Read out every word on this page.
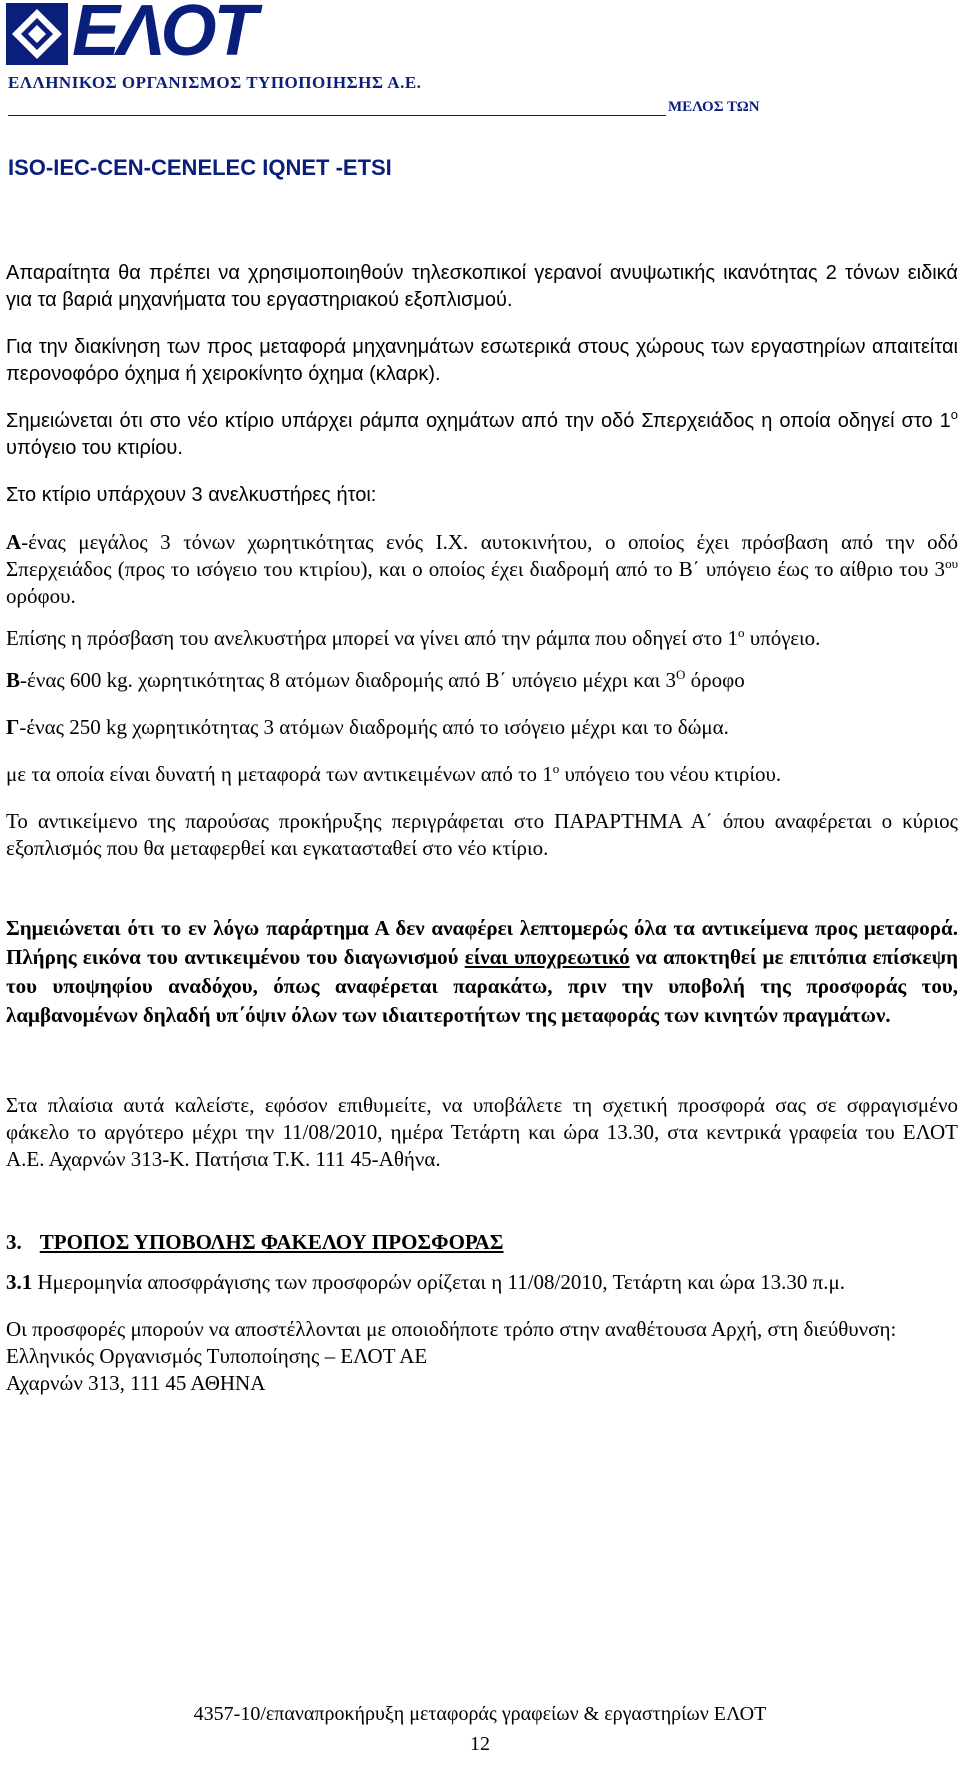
ΕΛΟΤ
ΕΛΛΗΝΙΚΟΣ ΟΡΓΑΝΙΣΜΟΣ ΤΥΠΟΠΟΙΗΣΗΣ Α.Ε.
ΜΕΛΟΣ ΤΩΝ
ISO-IEC-CEN-CENELEC IQNET -ETSI

Απαραίτητα θα πρέπει να χρησιμοποιηθούν τηλεσκοπικοί γερανοί ανυψωτικής ικανότητας 2 τόνων ειδικά για τα βαριά μηχανήματα του εργαστηριακού εξοπλισμού.

Για την διακίνηση των προς μεταφορά μηχανημάτων εσωτερικά στους χώρους των εργαστηρίων απαιτείται περονοφόρο όχημα ή χειροκίνητο όχημα (κλαρκ).

Σημειώνεται ότι στο νέο κτίριο υπάρχει ράμπα οχημάτων από την οδό Σπερχειάδος η οποία οδηγεί στο $1^o$ υπόγειο του κτιρίου.

Στο κτίριο υπάρχουν 3 ανελκυστήρες ήτοι:

Α-ένας μεγάλος 3 τόνων χωρητικότητας ενός Ι.Χ. αυτοκινήτου, ο οποίος έχει πρόσβαση από την οδό Σπερχειάδος (προς το ισόγειο του κτιρίου), και ο οποίος έχει διαδρομή από το Β΄ υπόγειο έως το αίθριο του $3^{o\upsilon}$ ορόφου.

Επίσης η πρόσβαση του ανελκυστήρα μπορεί να γίνει από την ράμπα που οδηγεί στο $1^o$ υπόγειο.

Β-ένας 600 kg. χωρητικότητας 8 ατόμων διαδρομής από Β΄ υπόγειο μέχρι και $3^O$ όροφο

Γ-ένας 250 kg χωρητικότητας 3 ατόμων διαδρομής από το ισόγειο μέχρι και το δώμα.

με τα οποία είναι δυνατή η μεταφορά των αντικειμένων από το $1^o$ υπόγειο του νέου κτιρίου.

Το αντικείμενο της παρούσας προκήρυξης περιγράφεται στο ΠΑΡΑΡΤΗΜΑ Α΄ όπου αναφέρεται ο κύριος εξοπλισμός που θα μεταφερθεί και εγκατασταθεί στο νέο κτίριο.

Σημειώνεται ότι το εν λόγω παράρτημα Α δεν αναφέρει λεπτομερώς όλα τα αντικείμενα προς μεταφορά. Πλήρης εικόνα του αντικειμένου του διαγωνισμού είναι υποχρεωτικό να αποκτηθεί με επιτόπια επίσκεψη του υποψηφίου αναδόχου, όπως αναφέρεται παρακάτω, πριν την υποβολή της προσφοράς του, λαμβανομένων δηλαδή υπ΄όψιν όλων των ιδιαιτεροτήτων της μεταφοράς των κινητών πραγμάτων.

Στα πλαίσια αυτά καλείστε, εφόσον επιθυμείτε, να υποβάλετε τη σχετική προσφορά σας σε σφραγισμένο φάκελο το αργότερο μέχρι την 11/08/2010, ημέρα Τετάρτη και ώρα 13.30, στα κεντρικά γραφεία του ΕΛΟΤ Α.Ε. Αχαρνών 313-Κ. Πατήσια Τ.Κ. 111 45-Αθήνα.

3. ΤΡΟΠΟΣ ΥΠΟΒΟΛΗΣ ΦΑΚΕΛΟΥ ΠΡΟΣΦΟΡΑΣ

3.1 Ημερομηνία αποσφράγισης των προσφορών ορίζεται η 11/08/2010, Τετάρτη και ώρα 13.30 π.μ.

Οι προσφορές μπορούν να αποστέλλονται με οποιοδήποτε τρόπο στην αναθέτουσα Αρχή, στη διεύθυνση:

Ελληνικός Οργανισμός Τυποποίησης – ΕΛΟΤ ΑΕ

Αχαρνών 313, 111 45 ΑΘΗΝΑ

4357-10/επαναπροκήρυξη μεταφοράς γραφείων & εργαστηρίων ΕΛΟΤ
12
